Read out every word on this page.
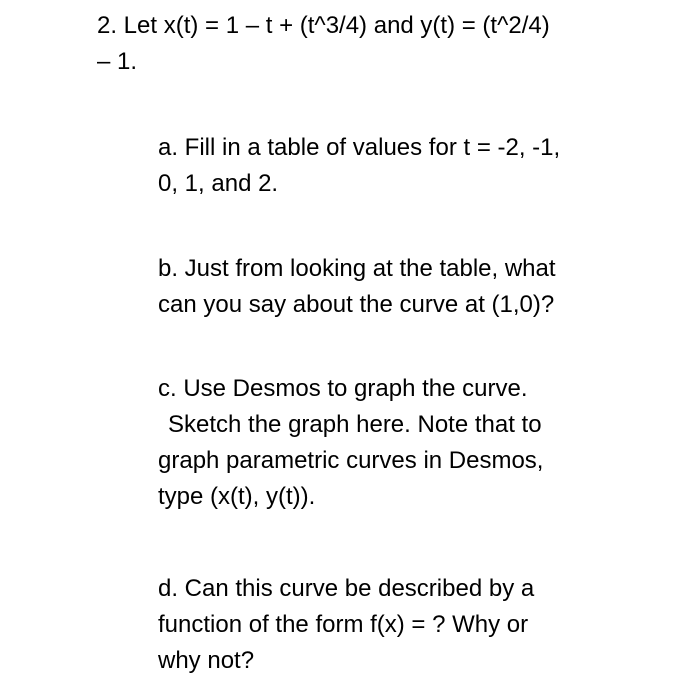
2. Let x(t) = 1 – t + (t^3/4) and y(t) = (t^2/4)
– 1.

a. Fill in a table of values for t = -2, -1,
0, 1, and 2.

b. Just from looking at the table, what
can you say about the curve at (1,0)?

c. Use Desmos to graph the curve.
Sketch the graph here. Note that to
graph parametric curves in Desmos,
type (x(t), y(t)).

d. Can this curve be described by a
function of the form f(x) = ? Why or
why not?
